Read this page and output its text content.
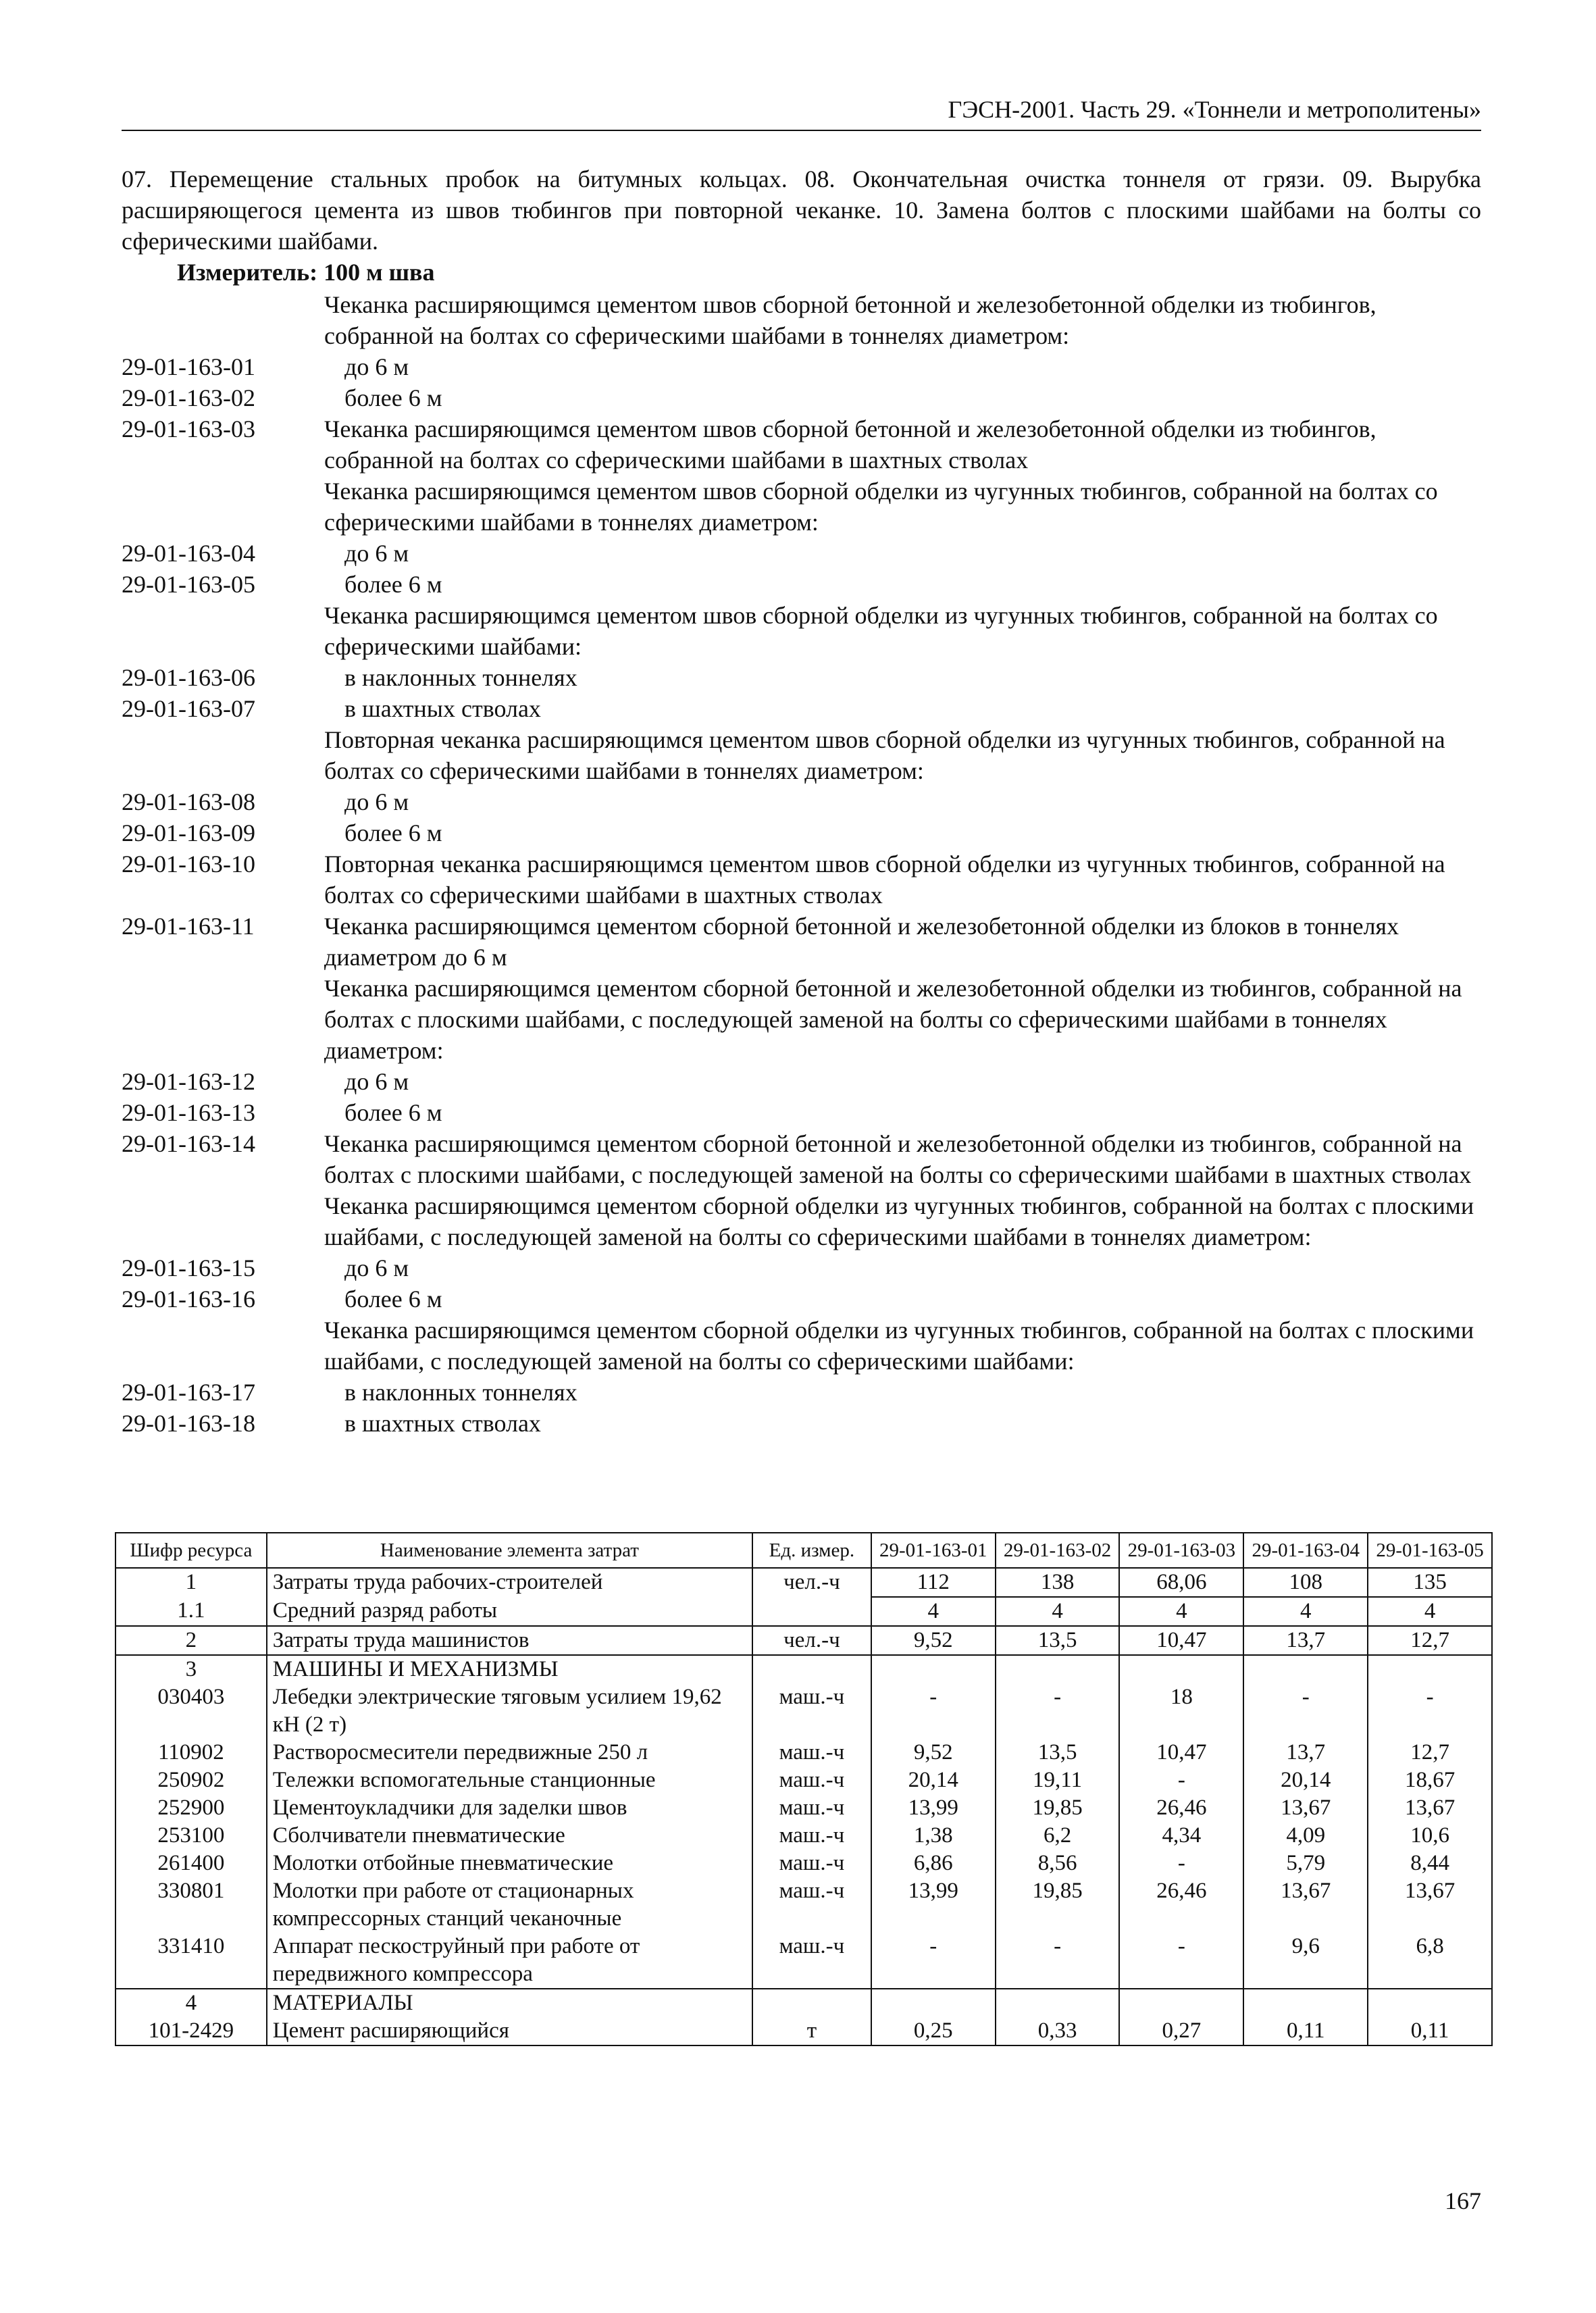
ГЭСН-2001. Часть 29. «Тоннели и метрополитены»
07. Перемещение стальных пробок на битумных кольцах. 08. Окончательная очистка тоннеля от грязи. 09. Вырубка расширяющегося цемента из швов тюбингов при повторной чеканке. 10. Замена болтов с плоскими шайбами на болты со сферическими шайбами.
Измеритель: 100 м шва
Чеканка расширяющимся цементом швов сборной бетонной и железобетонной обделки из тюбингов, собранной на болтах со сферическими шайбами в тоннелях диаметром:
29-01-163-01	до 6 м
29-01-163-02	более 6 м
29-01-163-03	Чеканка расширяющимся цементом швов сборной бетонной и железобетонной обделки из тюбингов, собранной на болтах со сферическими шайбами в шахтных стволах
Чеканка расширяющимся цементом швов сборной обделки из чугунных тюбингов, собранной на болтах со сферическими шайбами в тоннелях диаметром:
29-01-163-04	до 6 м
29-01-163-05	более 6 м
Чеканка расширяющимся цементом швов сборной обделки из чугунных тюбингов, собранной на болтах со сферическими шайбами:
29-01-163-06	в наклонных тоннелях
29-01-163-07	в шахтных стволах
Повторная чеканка расширяющимся цементом швов сборной обделки из чугунных тюбингов, собранной на болтах со сферическими шайбами в тоннелях диаметром:
29-01-163-08	до 6 м
29-01-163-09	более 6 м
29-01-163-10	Повторная чеканка расширяющимся цементом швов сборной обделки из чугунных тюбингов, собранной на болтах со сферическими шайбами в шахтных стволах
29-01-163-11	Чеканка расширяющимся цементом сборной бетонной и железобетонной обделки из блоков в тоннелях диаметром до 6 м
Чеканка расширяющимся цементом сборной бетонной и железобетонной обделки из тюбингов, собранной на болтах с плоскими шайбами, с последующей заменой на болты со сферическими шайбами в тоннелях диаметром:
29-01-163-12	до 6 м
29-01-163-13	более 6 м
29-01-163-14	Чеканка расширяющимся цементом сборной бетонной и железобетонной обделки из тюбингов, собранной на болтах с плоскими шайбами, с последующей заменой на болты со сферическими шайбами в шахтных стволах
Чеканка расширяющимся цементом сборной обделки из чугунных тюбингов, собранной на болтах с плоскими шайбами, с последующей заменой на болты со сферическими шайбами в тоннелях диаметром:
29-01-163-15	до 6 м
29-01-163-16	более 6 м
Чеканка расширяющимся цементом сборной обделки из чугунных тюбингов, собранной на болтах с плоскими шайбами, с последующей заменой на болты со сферическими шайбами:
29-01-163-17	в наклонных тоннелях
29-01-163-18	в шахтных стволах
Шифр ресурса	Наименование элемента затрат	Ед. измер.	29-01-163-01	29-01-163-02	29-01-163-03	29-01-163-04	29-01-163-05
1	Затраты труда рабочих-строителей	чел.-ч	112	138	68,06	108	135
1.1	Средний разряд работы		4	4	4	4	4
2	Затраты труда машинистов	чел.-ч	9,52	13,5	10,47	13,7	12,7
3	МАШИНЫ И МЕХАНИЗМЫ						
030403	Лебедки электрические тяговым усилием 19,62 кН (2 т)	маш.-ч	-	-	18	-	-
110902	Растворосмесители передвижные 250 л	маш.-ч	9,52	13,5	10,47	13,7	12,7
250902	Тележки вспомогательные станционные	маш.-ч	20,14	19,11	-	20,14	18,67
252900	Цементоукладчики для заделки швов	маш.-ч	13,99	19,85	26,46	13,67	13,67
253100	Сболчиватели пневматические	маш.-ч	1,38	6,2	4,34	4,09	10,6
261400	Молотки отбойные пневматические	маш.-ч	6,86	8,56	-	5,79	8,44
330801	Молотки при работе от стационарных компрессорных станций чеканочные	маш.-ч	13,99	19,85	26,46	13,67	13,67
331410	Аппарат пескоструйный при работе от передвижного компрессора	маш.-ч	-	-	-	9,6	6,8
4	МАТЕРИАЛЫ						
101-2429	Цемент расширяющийся	т	0,25	0,33	0,27	0,11	0,11
167
